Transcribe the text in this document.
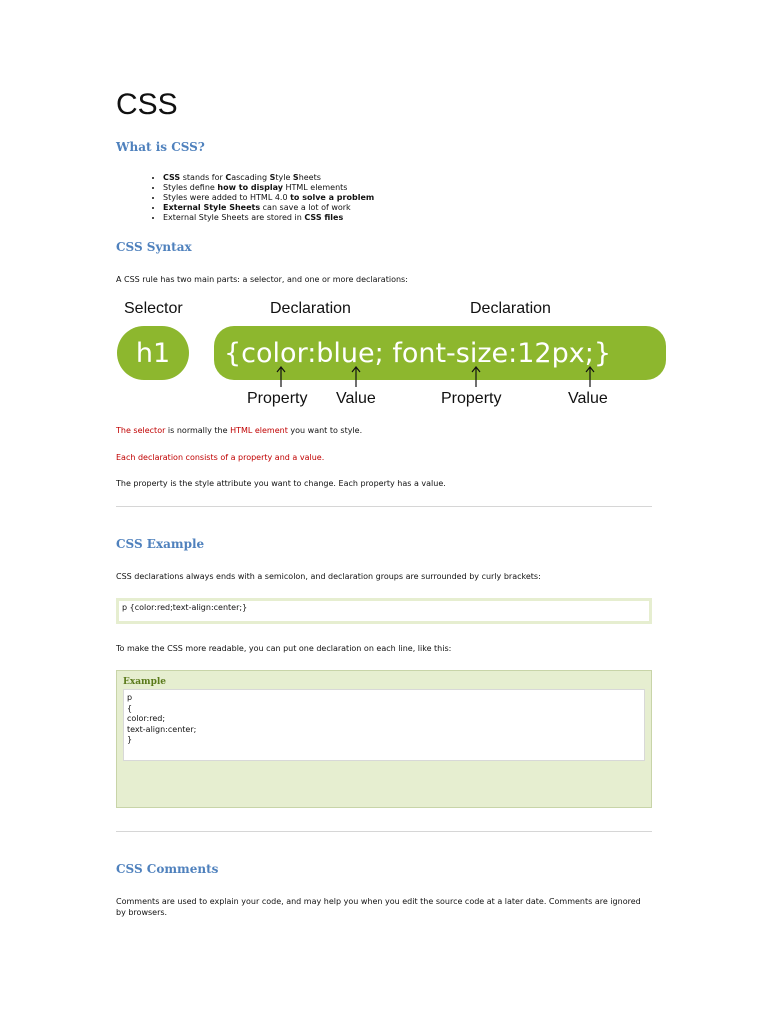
CSS
What is CSS?
• CSS stands for Cascading Style Sheets
• Styles define how to display HTML elements
• Styles were added to HTML 4.0 to solve a problem
• External Style Sheets can save a lot of work
• External Style Sheets are stored in CSS files
CSS Syntax
A CSS rule has two main parts: a selector, and one or more declarations:
Selector	Declaration	Declaration
h1	{color:blue; font-size:12px;}
Property Value	Property	Value
The selector is normally the HTML element you want to style.
Each declaration consists of a property and a value.
The property is the style attribute you want to change. Each property has a value.
CSS Example
CSS declarations always ends with a semicolon, and declaration groups are surrounded by curly brackets:
p {color:red;text-align:center;}
To make the CSS more readable, you can put one declaration on each line, like this:
Example
p
{
color:red;
text-align:center;
}
CSS Comments
Comments are used to explain your code, and may help you when you edit the source code at a later date. Comments are ignored by browsers.
